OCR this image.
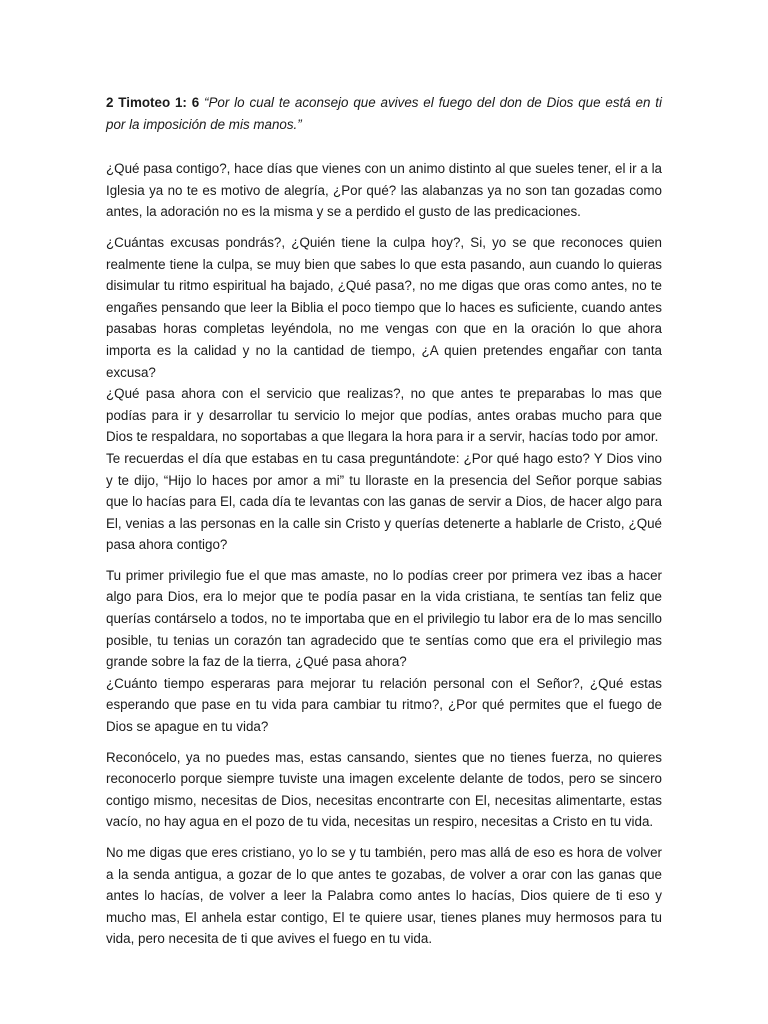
2 Timoteo 1: 6 “Por lo cual te aconsejo que avives el fuego del don de Dios que está en ti por la imposición de mis manos.”

¿Qué pasa contigo?, hace días que vienes con un animo distinto al que sueles tener, el ir a la Iglesia ya no te es motivo de alegría, ¿Por qué? las alabanzas ya no son tan gozadas como antes, la adoración no es la misma y se a perdido el gusto de las predicaciones.

¿Cuántas excusas pondrás?, ¿Quién tiene la culpa hoy?, Si, yo se que reconoces quien realmente tiene la culpa, se muy bien que sabes lo que esta pasando, aun cuando lo quieras disimular tu ritmo espiritual ha bajado, ¿Qué pasa?, no me digas que oras como antes, no te engañes pensando que leer la Biblia el poco tiempo que lo haces es suficiente, cuando antes pasabas horas completas leyéndola, no me vengas con que en la oración lo que ahora importa es la calidad y no la cantidad de tiempo, ¿A quien pretendes engañar con tanta excusa?

¿Qué pasa ahora con el servicio que realizas?, no que antes te preparabas lo mas que podías para ir y desarrollar tu servicio lo mejor que podías, antes orabas mucho para que Dios te respaldara, no soportabas a que llegara la hora para ir a servir, hacías todo por amor.

Te recuerdas el día que estabas en tu casa preguntándote: ¿Por qué hago esto? Y Dios vino y te dijo, “Hijo lo haces por amor a mi” tu lloraste en la presencia del Señor porque sabias que lo hacías para El, cada día te levantas con las ganas de servir a Dios, de hacer algo para El, venias a las personas en la calle sin Cristo y querías detenerte a hablarle de Cristo, ¿Qué pasa ahora contigo?

Tu primer privilegio fue el que mas amaste, no lo podías creer por primera vez ibas a hacer algo para Dios, era lo mejor que te podía pasar en la vida cristiana, te sentías tan feliz que querías contárselo a todos, no te importaba que en el privilegio tu labor era de lo mas sencillo posible, tu tenias un corazón tan agradecido que te sentías como que era el privilegio mas grande sobre la faz de la tierra, ¿Qué pasa ahora?

¿Cuánto tiempo esperaras para mejorar tu relación personal con el Señor?, ¿Qué estas esperando que pase en tu vida para cambiar tu ritmo?, ¿Por qué permites que el fuego de Dios se apague en tu vida?

Reconócelo, ya no puedes mas, estas cansando, sientes que no tienes fuerza, no quieres reconocerlo porque siempre tuviste una imagen excelente delante de todos, pero se sincero contigo mismo, necesitas de Dios, necesitas encontrarte con El, necesitas alimentarte, estas vacío, no hay agua en el pozo de tu vida, necesitas un respiro, necesitas a Cristo en tu vida.

No me digas que eres cristiano, yo lo se y tu también, pero mas allá de eso es hora de volver a la senda antigua, a gozar de lo que antes te gozabas, de volver a orar con las ganas que antes lo hacías, de volver a leer la Palabra como antes lo hacías, Dios quiere de ti eso y mucho mas, El anhela estar contigo, El te quiere usar, tienes planes muy hermosos para tu vida, pero necesita de ti que avives el fuego en tu vida.
